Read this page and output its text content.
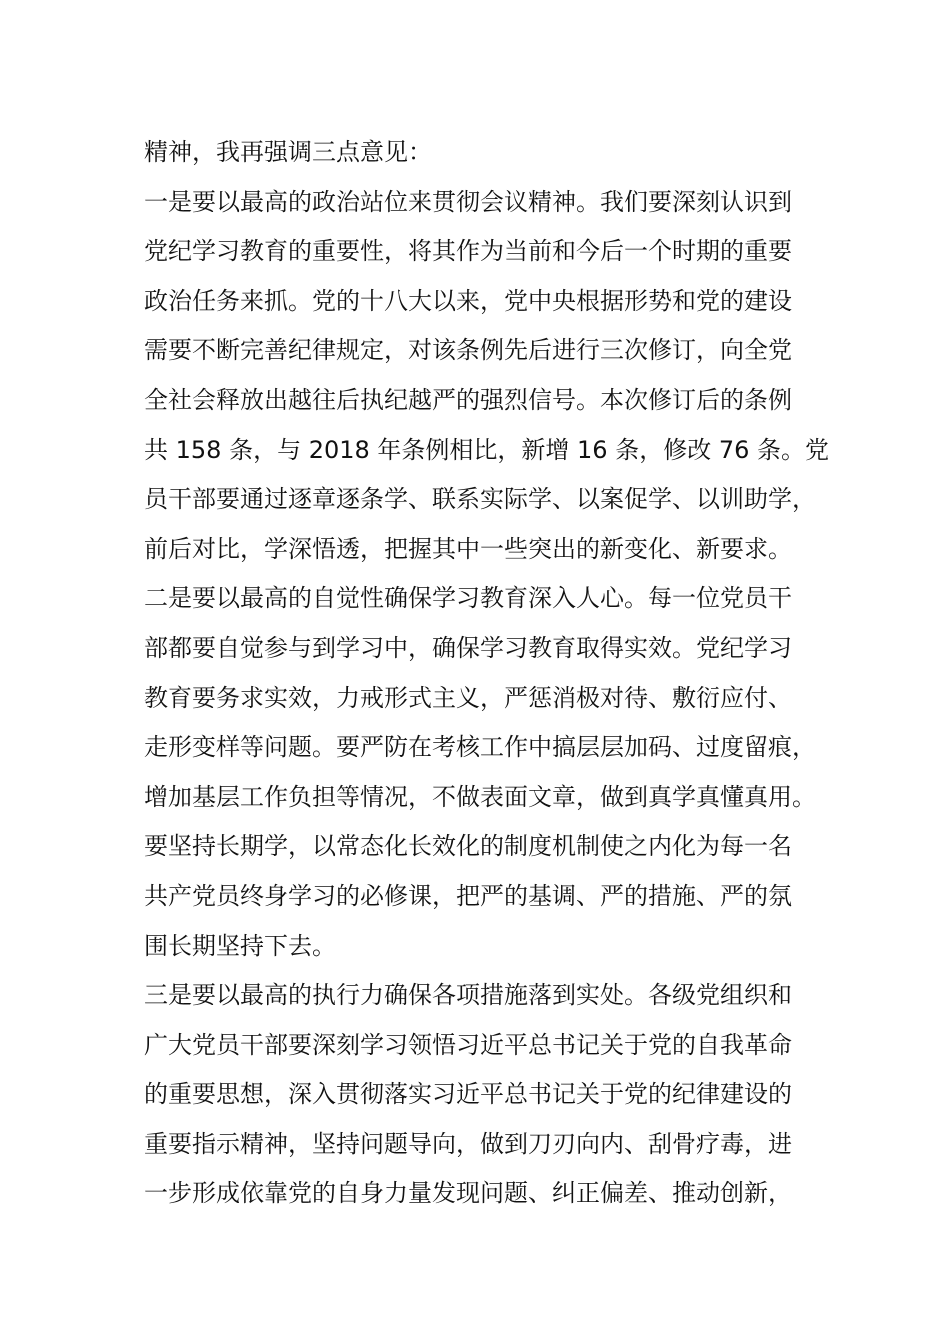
精神，我再强调三点意见：
一是要以最高的政治站位来贯彻会议精神。我们要深刻认识到
党纪学习教育的重要性，将其作为当前和今后一个时期的重要
政治任务来抓。党的十八大以来，党中央根据形势和党的建设
需要不断完善纪律规定，对该条例先后进行三次修订，向全党
全社会释放出越往后执纪越严的强烈信号。本次修订后的条例
共 158 条，与 2018 年条例相比，新增 16 条，修改 76 条。党
员干部要通过逐章逐条学、联系实际学、以案促学、以训助学，
前后对比，学深悟透，把握其中一些突出的新变化、新要求。
二是要以最高的自觉性确保学习教育深入人心。每一位党员干
部都要自觉参与到学习中，确保学习教育取得实效。党纪学习
教育要务求实效，力戒形式主义，严惩消极对待、敷衍应付、
走形变样等问题。要严防在考核工作中搞层层加码、过度留痕，
增加基层工作负担等情况，不做表面文章，做到真学真懂真用。
要坚持长期学，以常态化长效化的制度机制使之内化为每一名
共产党员终身学习的必修课，把严的基调、严的措施、严的氛
围长期坚持下去。
三是要以最高的执行力确保各项措施落到实处。各级党组织和
广大党员干部要深刻学习领悟习近平总书记关于党的自我革命
的重要思想，深入贯彻落实习近平总书记关于党的纪律建设的
重要指示精神，坚持问题导向，做到刀刃向内、刮骨疗毒，进
一步形成依靠党的自身力量发现问题、纠正偏差、推动创新，
